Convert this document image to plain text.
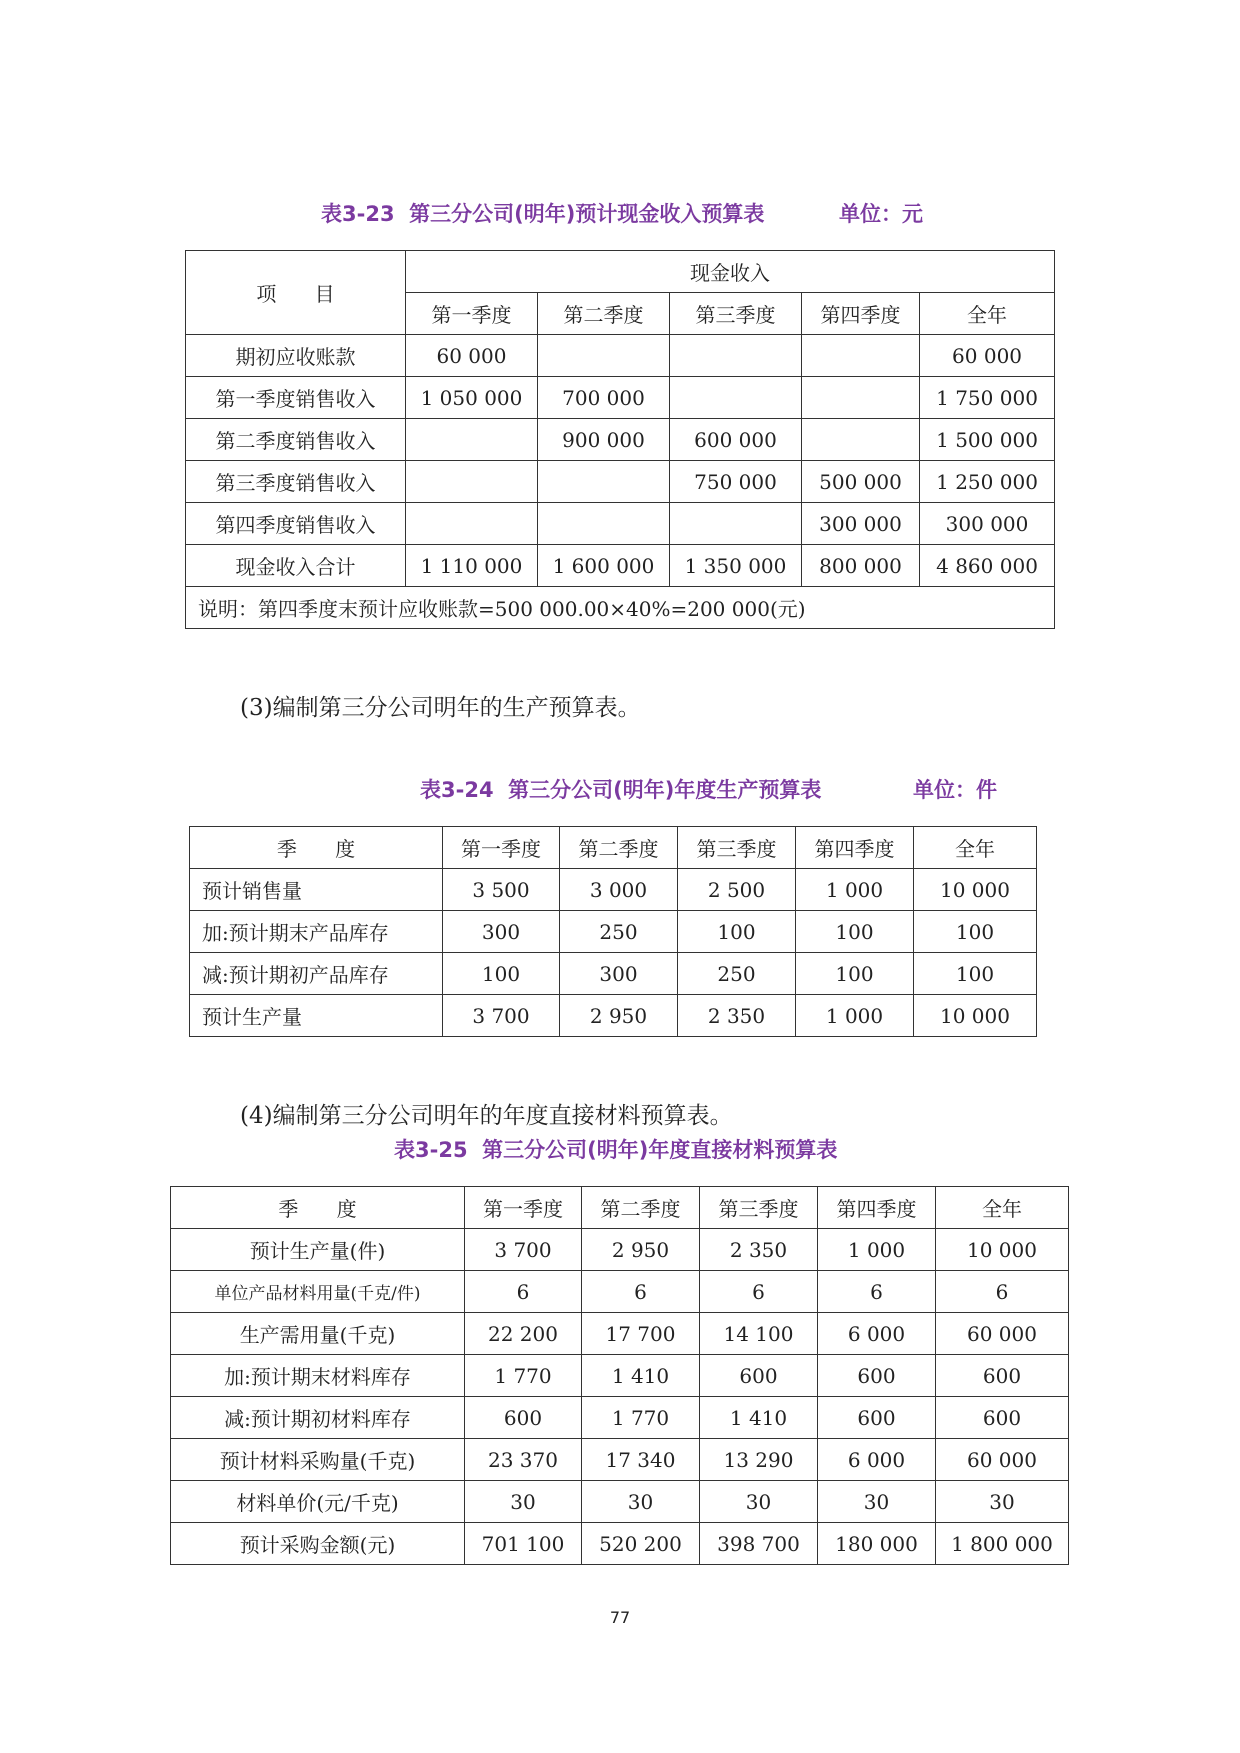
表3-23  第三分公司(明年)预计现金收入预算表	单位：元
项      目	现金收入				
	第一季度	第二季度	第三季度	第四季度	全年
期初应收账款	60 000				60 000
第一季度销售收入	1 050 000	700 000			1 750 000
第二季度销售收入		900 000	600 000		1 500 000
第三季度销售收入			750 000	500 000	1 250 000
第四季度销售收入				300 000	300 000
现金收入合计	1 110 000	1 600 000	1 350 000	800 000	4 860 000
说明：第四季度末预计应收账款=500 000.00×40%=200 000(元)					
(3)编制第三分公司明年的生产预算表。
表3-24  第三分公司(明年)年度生产预算表	单位：件
季      度	第一季度	第二季度	第三季度	第四季度	全年
预计销售量	3 500	3 000	2 500	1 000	10 000
加:预计期末产品库存	300	250	100	100	100
减:预计期初产品库存	100	300	250	100	100
预计生产量	3 700	2 950	2 350	1 000	10 000
(4)编制第三分公司明年的年度直接材料预算表。
表3-25  第三分公司(明年)年度直接材料预算表
季      度	第一季度	第二季度	第三季度	第四季度	全年
预计生产量(件)	3 700	2 950	2 350	1 000	10 000
单位产品材料用量(千克/件)	6	6	6	6	6
生产需用量(千克)	22 200	17 700	14 100	6 000	60 000
加:预计期末材料库存	1 770	1 410	600	600	600
减:预计期初材料库存	600	1 770	1 410	600	600
预计材料采购量(千克)	23 370	17 340	13 290	6 000	60 000
材料单价(元/千克)	30	30	30	30	30
预计采购金额(元)	701 100	520 200	398 700	180 000	1 800 000
77
